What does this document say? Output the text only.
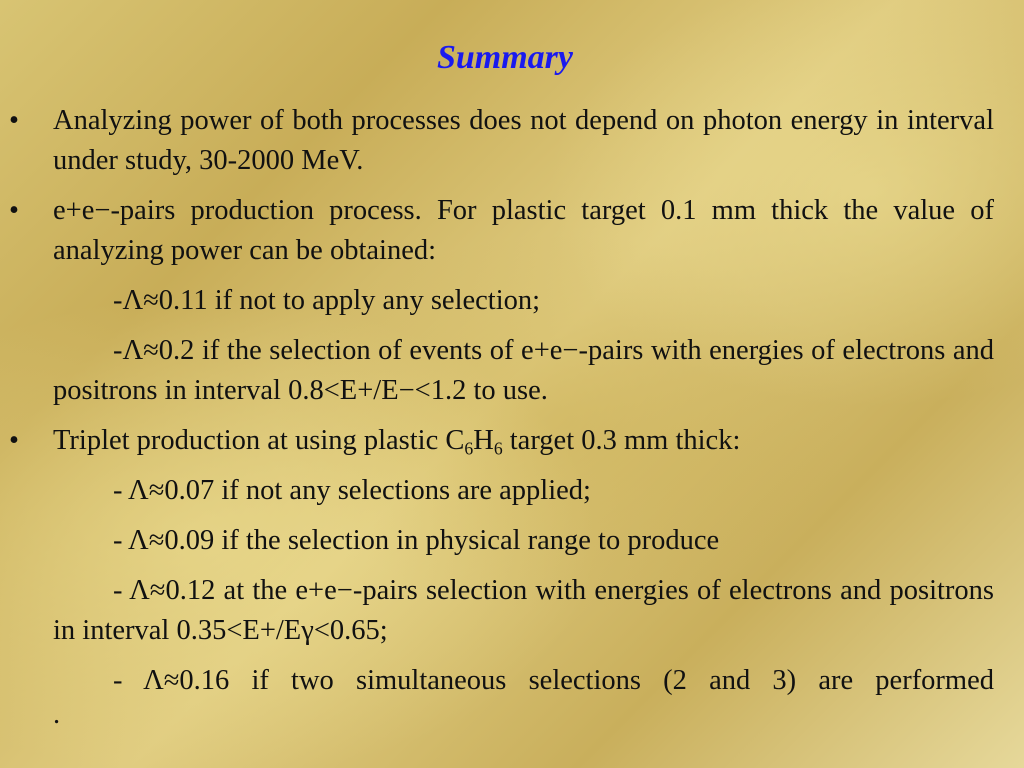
Summary
•	Analyzing power of both processes does not depend on photon energy in interval under study, 30-2000 MeV.
•	e+e−-pairs production process. For plastic target 0.1 mm thick the value of analyzing power can be obtained:
-Λ≈0.11 if not to apply any selection;
-Λ≈0.2 if the selection of events of e+e−-pairs with energies of electrons and positrons in interval 0.8<E+/E−<1.2 to use.
•	Triplet production at using plastic $C_6H_6$ target 0.3 mm thick:
- Λ≈0.07 if not any selections are applied;
- Λ≈0.09 if the selection in physical range to produce
- Λ≈0.12 at the e+e−-pairs selection with energies of electrons and positrons in interval 0.35<E+/Eγ<0.65;
- Λ≈0.16 if two simultaneous selections (2 and 3) are performed
.
